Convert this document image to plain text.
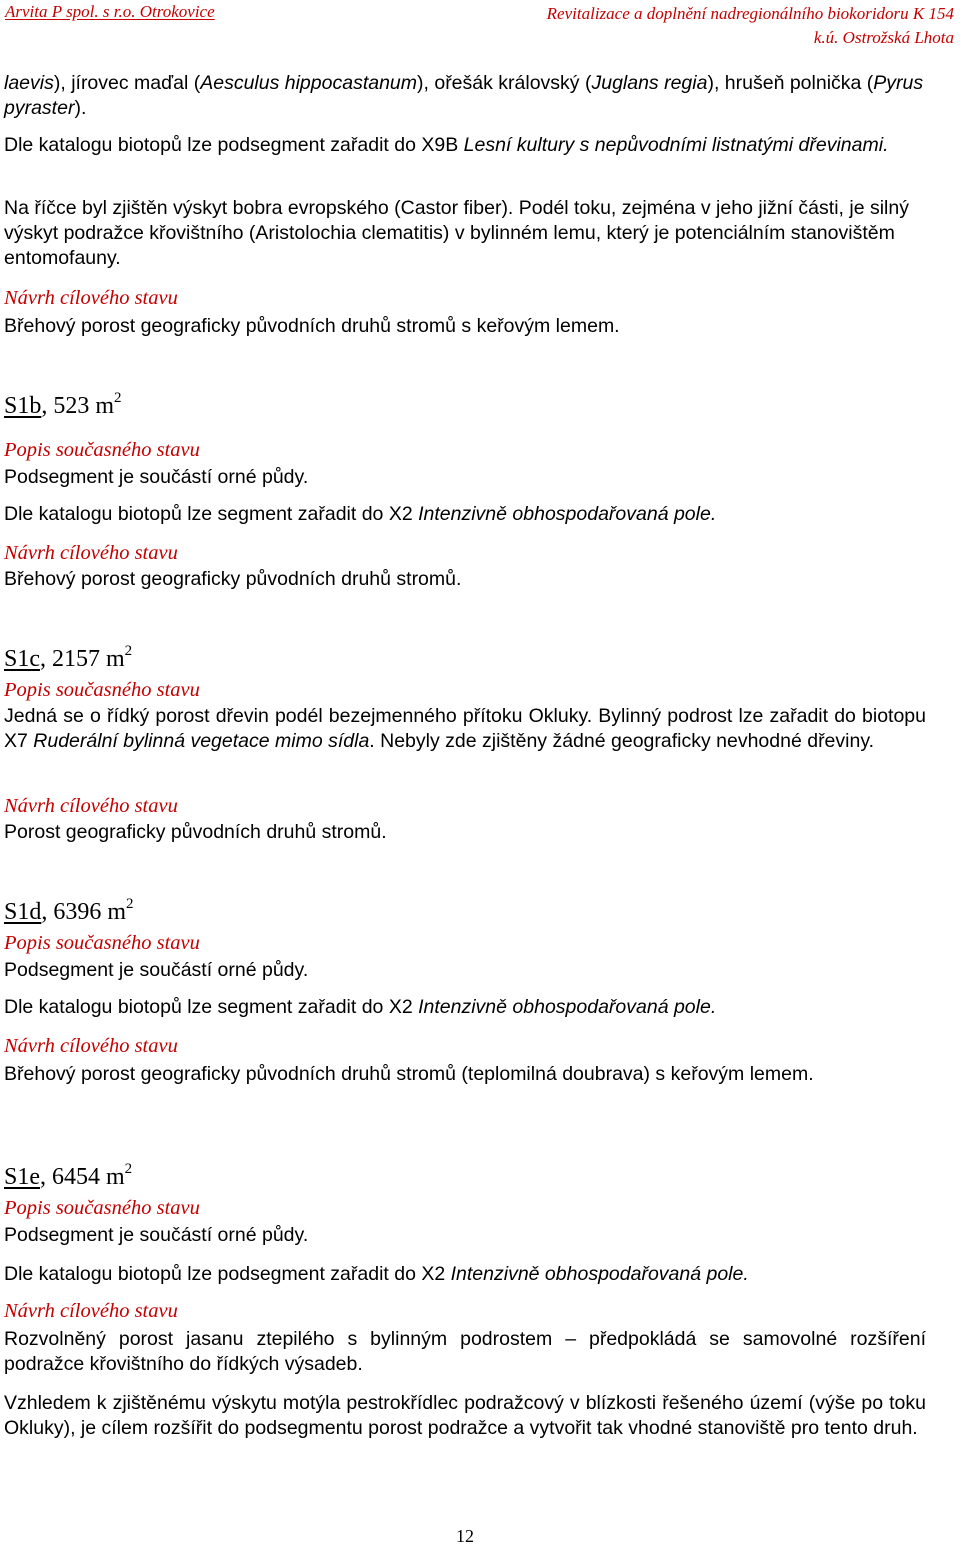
Arvita P spol. s r.o. Otrokovice	Revitalizace a doplnění nadregionálního biokoridoru K 154
k.ú. Ostrožská Lhota

laevis), jírovec maďal (Aesculus hippocastanum), ořešák královský (Juglans regia), hrušeň polnička (Pyrus pyraster).

Dle katalogu biotopů lze podsegment zařadit do X9B Lesní kultury s nepůvodními listnatými dřevinami.

Na říčce byl zjištěn výskyt bobra evropského (Castor fiber). Podél toku, zejména v jeho jižní části, je silný výskyt podražce křovištního (Aristolochia clematitis) v bylinném lemu, který je potenciálním stanovištěm entomofauny.

Návrh cílového stavu

Břehový porost geograficky původních druhů stromů s keřovým lemem.

S1b, 523 $m^2$
Popis současného stavu

Podsegment je součástí orné půdy.

Dle katalogu biotopů lze segment zařadit do X2 Intenzivně obhospodařovaná pole.

Návrh cílového stavu

Břehový porost geograficky původních druhů stromů.

S1c, 2157 $m^2$
Popis současného stavu

Jedná se o řídký porost dřevin podél bezejmenného přítoku Okluky. Bylinný podrost lze zařadit do biotopu X7 Ruderální bylinná vegetace mimo sídla. Nebyly zde zjištěny žádné geograficky nevhodné dřeviny.

Návrh cílového stavu

Porost geograficky původních druhů stromů.

S1d, 6396 $m^2$
Popis současného stavu

Podsegment je součástí orné půdy.

Dle katalogu biotopů lze segment zařadit do X2 Intenzivně obhospodařovaná pole.

Návrh cílového stavu

Břehový porost geograficky původních druhů stromů (teplomilná doubrava) s keřovým lemem.

S1e, 6454 $m^2$
Popis současného stavu

Podsegment je součástí orné půdy.

Dle katalogu biotopů lze podsegment zařadit do X2 Intenzivně obhospodařovaná pole.

Návrh cílového stavu

Rozvolněný porost jasanu ztepilého s bylinným podrostem – předpokládá se samovolné rozšíření podražce křovištního do řídkých výsadeb.

Vzhledem k zjištěnému výskytu motýla pestrokřídlec podražcový v blízkosti řešeného území (výše po toku Okluky), je cílem rozšířit do podsegmentu porost podražce a vytvořit tak vhodné stanoviště pro tento druh.

12
